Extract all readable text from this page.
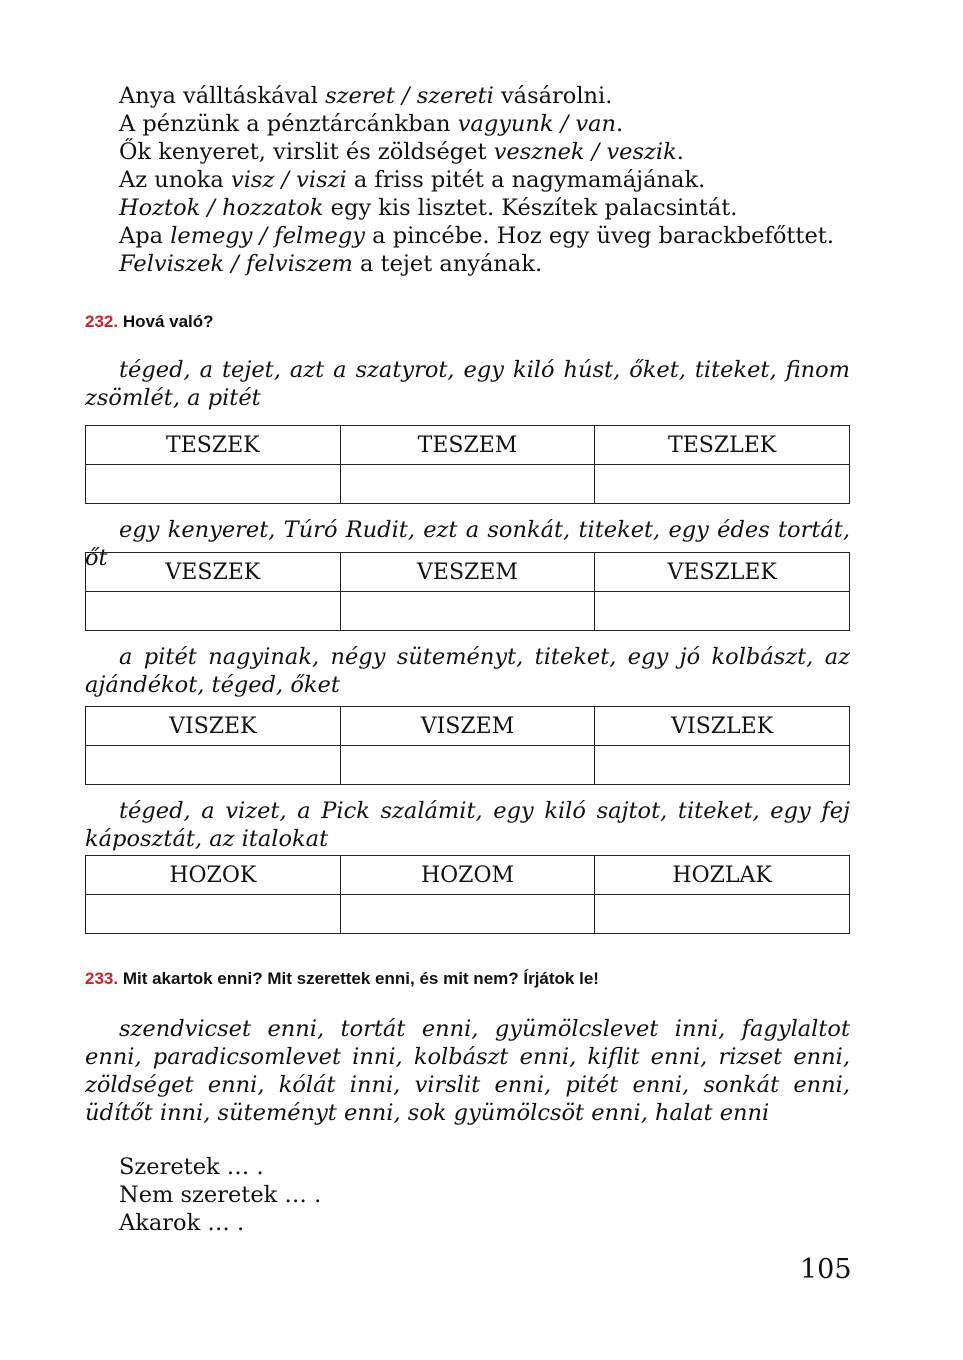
Anya válltáskával szeret / szereti vásárolni.
A pénzünk a pénztárcánkban vagyunk / van.
Ők kenyeret, virslit és zöldséget vesznek / veszik.
Az unoka visz / viszi a friss pitét a nagymamájának.
Hoztok / hozzatok egy kis lisztet. Készítek palacsintát.
Apa lemegy / felmegy a pincébe. Hoz egy üveg barackbefőttet.
Felviszek / felviszem a tejet anyának.
232. Hová való?
téged, a tejet, azt a szatyrot, egy kiló húst, őket, titeket, finom zsömlét, a pitét
TESZEK	TESZEM	TESZLEK

egy kenyeret, Túró Rudit, ezt a sonkát, titeket, egy édes tortát, őt
VESZEK	VESZEM	VESZLEK

a pitét nagyinak, négy süteményt, titeket, egy jó kolbászt, az ajándékot, téged, őket
VISZEK	VISZEM	VISZLEK

téged, a vizet, a Pick szalámit, egy kiló sajtot, titeket, egy fej káposztát, az italokat
HOZOK	HOZOM	HOZLAK

233. Mit akartok enni? Mit szerettek enni, és mit nem? Írjátok le!
szendvicset enni, tortát enni, gyümölcslevet inni, fagylaltot enni, paradicsomlevet inni, kolbászt enni, kiflit enni, rizset enni, zöldséget enni, kólát inni, virslit enni, pitét enni, sonkát enni, üdítőt inni, süteményt enni, sok gyümölcsöt enni, halat enni
Szeretek … .
Nem szeretek … .
Akarok … .
105
